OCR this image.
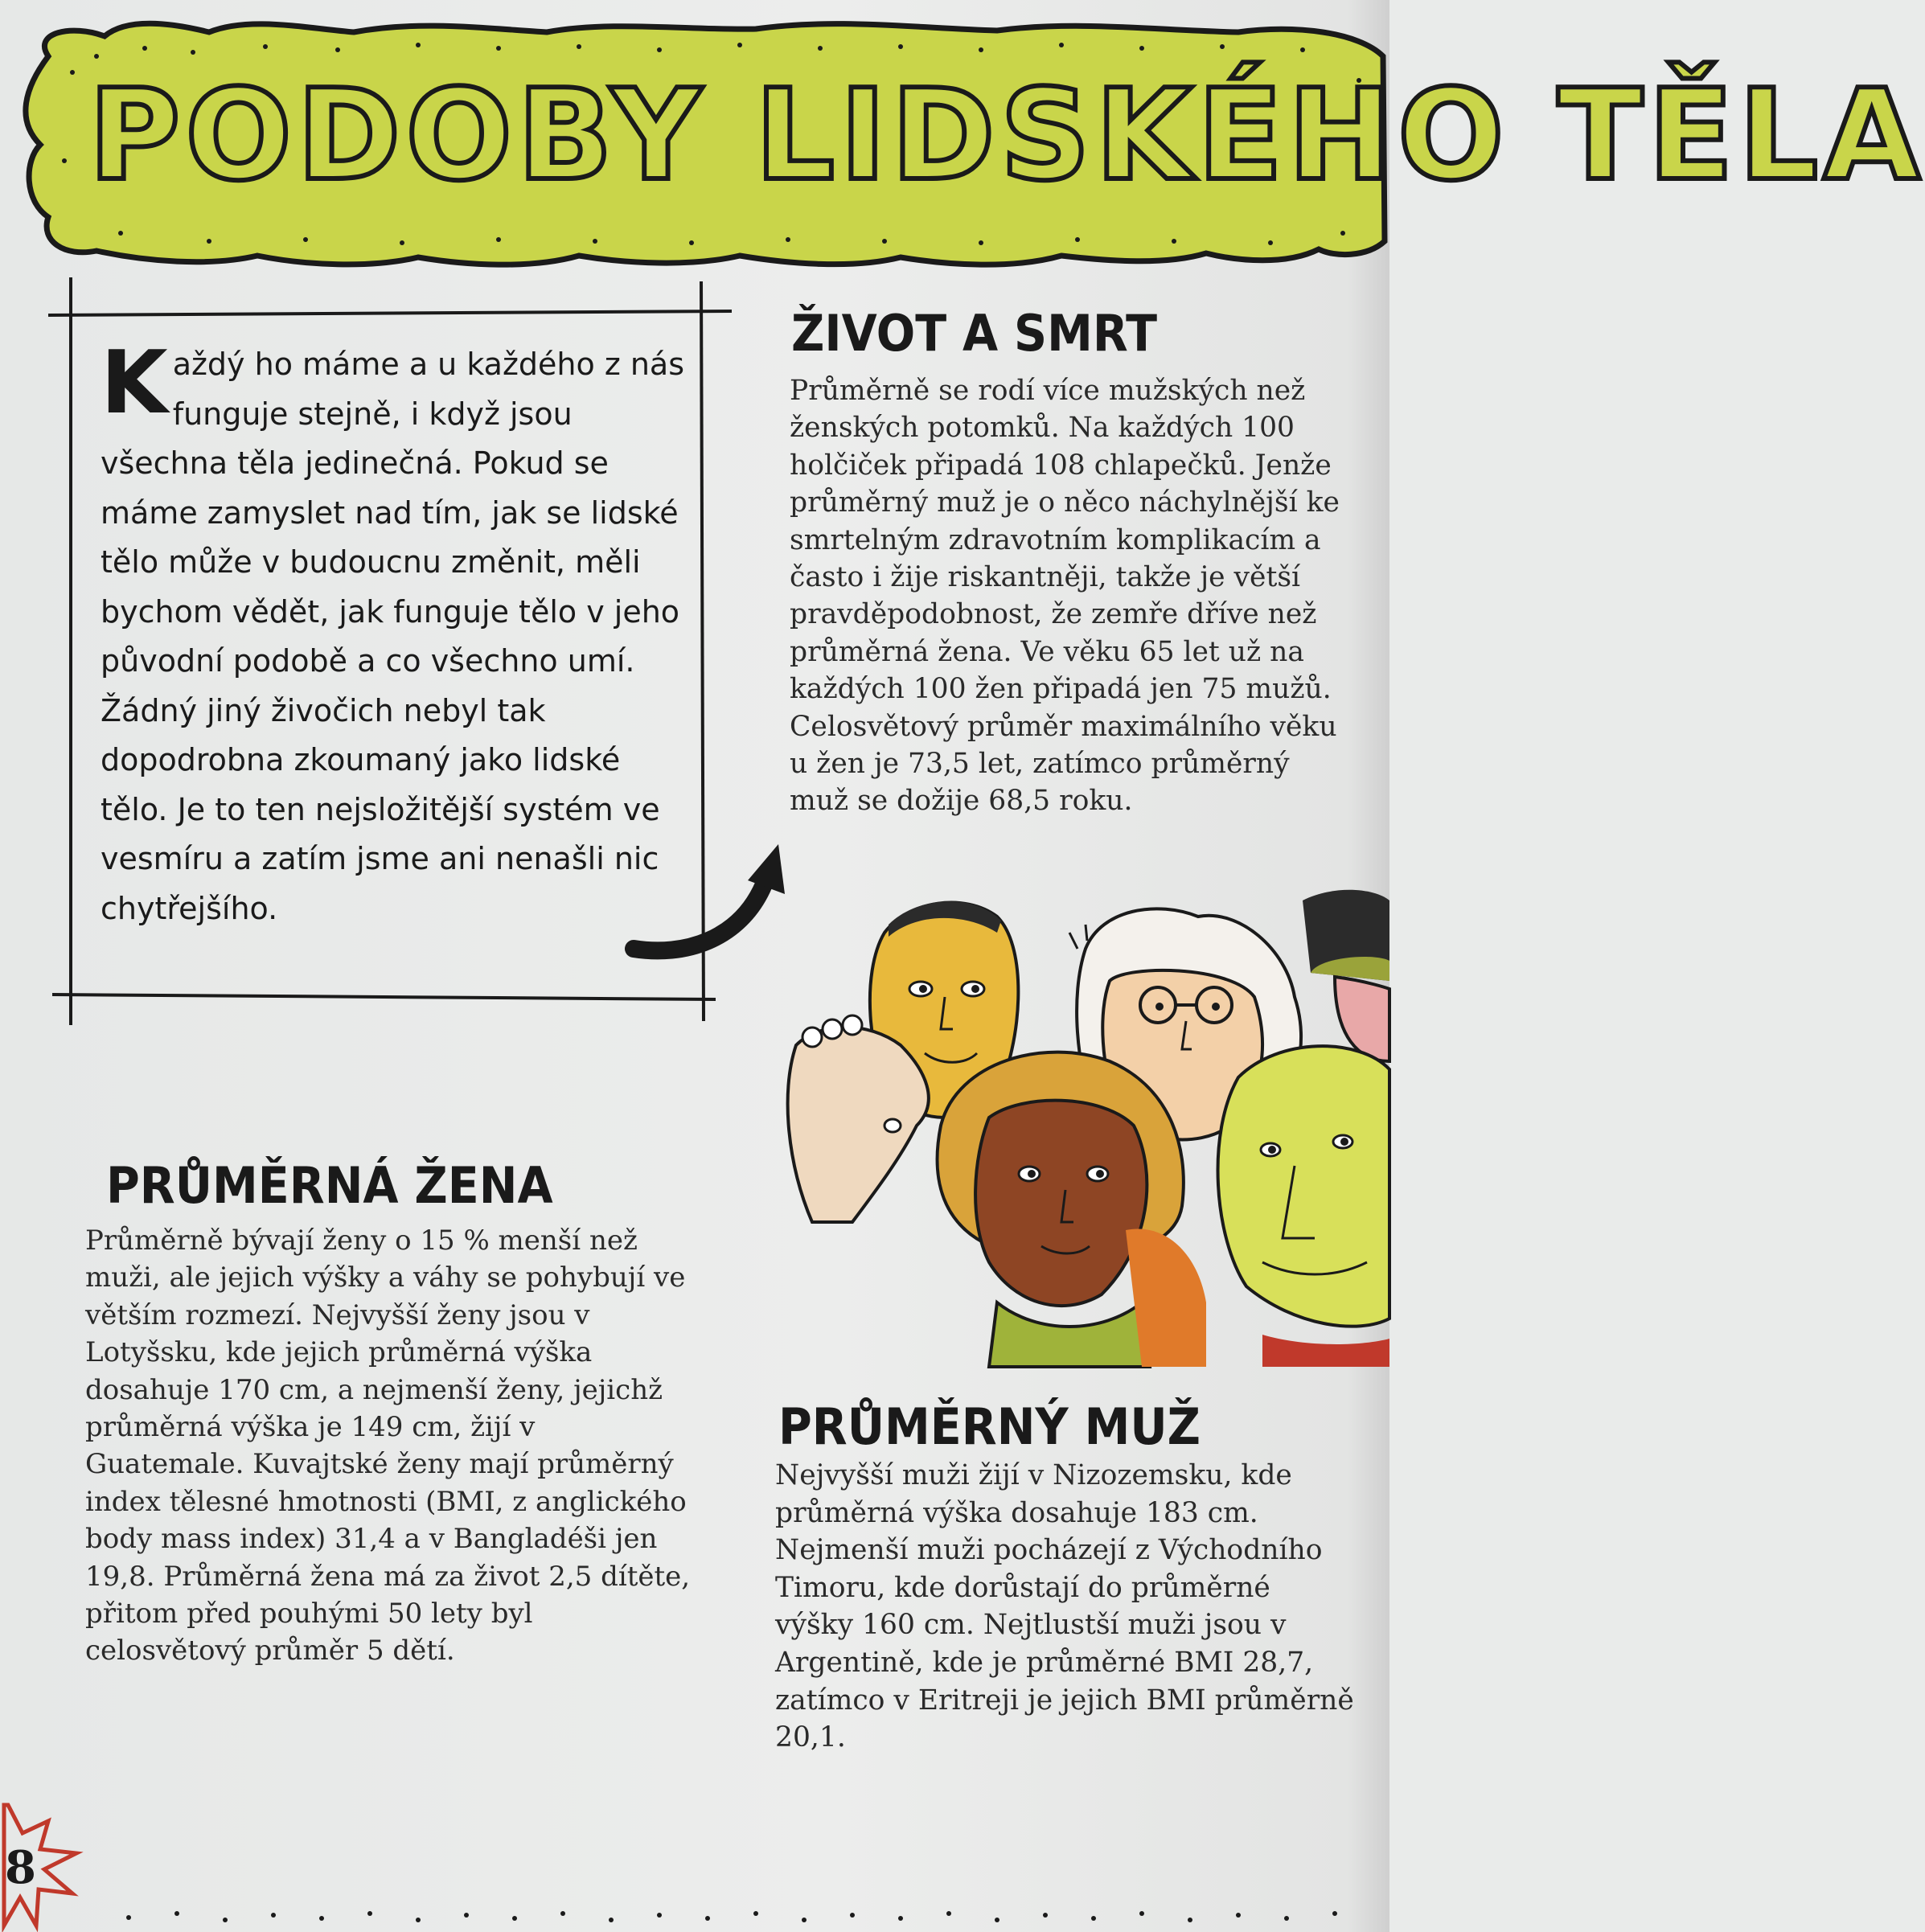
PODOBY LIDSKÉHO TĚLA
Každý ho máme a u každého z nás funguje stejně, i když jsou všechna těla jedinečná. Pokud se máme zamyslet nad tím, jak se lidské tělo může v budoucnu změnit, měli bychom vědět, jak funguje tělo v jeho původní podobě a co všechno umí. Žádný jiný živočich nebyl tak dopodrobna zkoumaný jako lidské tělo. Je to ten nejsložitější systém ve vesmíru a zatím jsme ani nenašli nic chytřejšího.
ŽIVOT A SMRT
Průměrně se rodí více mužských než ženských potomků. Na každých 100 holčiček připadá 108 chlapečků. Jenže průměrný muž je o něco náchylnější ke smrtelným zdravotním komplikacím a často i žije riskantněji, takže je větší pravděpodobnost, že zemře dříve než průměrná žena. Ve věku 65 let už na každých 100 žen připadá jen 75 mužů. Celosvětový průměr maximálního věku u žen je 73,5 let, zatímco průměrný muž se dožije 68,5 roku.
PRŮMĚRNÁ ŽENA
Průměrně bývají ženy o 15 % menší než muži, ale jejich výšky a váhy se pohybují ve větším rozmezí. Nejvyšší ženy jsou v Lotyšsku, kde jejich průměrná výška dosahuje 170 cm, a nejmenší ženy, jejichž průměrná výška je 149 cm, žijí v Guatemale. Kuvajtské ženy mají průměrný index tělesné hmotnosti (BMI, z anglického body mass index) 31,4 a v Bangladéši jen 19,8. Průměrná žena má za život 2,5 dítěte, přitom před pouhými 50 lety byl celosvětový průměr 5 dětí.
PRŮMĚRNÝ MUŽ
Nejvyšší muži žijí v Nizozemsku, kde průměrná výška dosahuje 183 cm. Nejmenší muži pocházejí z Východního Timoru, kde dorůstají do průměrné výšky 160 cm. Nejtlustší muži jsou v Argentině, kde je průměrné BMI 28,7, zatímco v Eritreji je jejich BMI průměrně 20,1.
8
